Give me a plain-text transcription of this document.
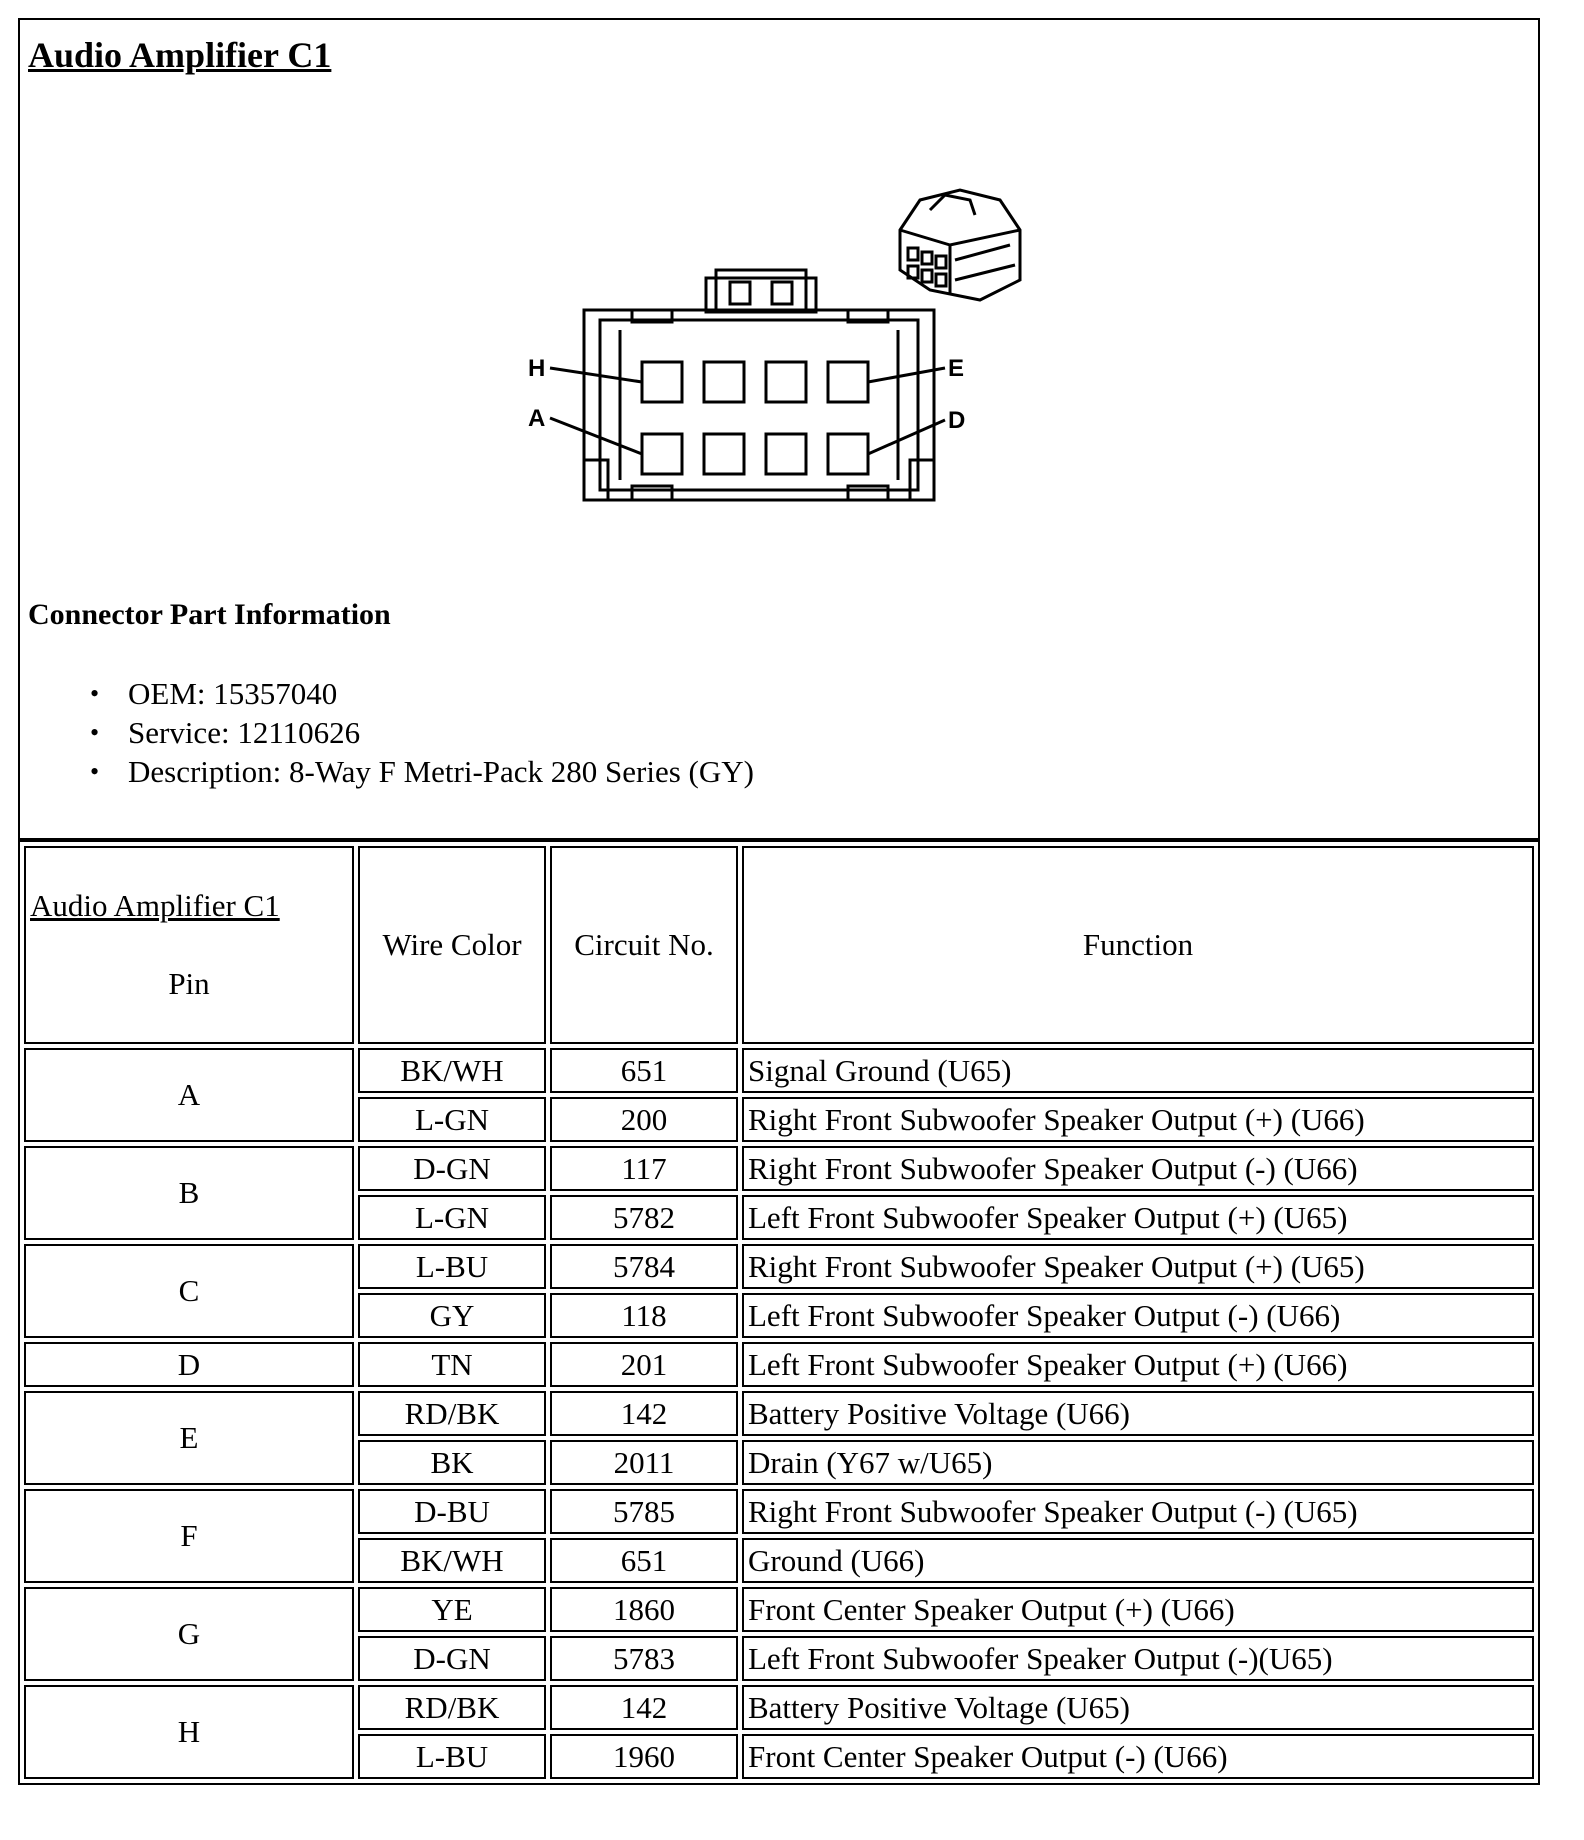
Audio Amplifier C1
H	E
A	D
Connector Part Information
• OEM: 15357040
• Service: 12110626
• Description: 8-Way F Metri-Pack 280 Series (GY)
Audio Amplifier C1
Pin	Wire Color	Circuit No.	Function
A	BK/WH	651	Signal Ground (U65)
	L-GN	200	Right Front Subwoofer Speaker Output (+) (U66)
B	D-GN	117	Right Front Subwoofer Speaker Output (-) (U66)
	L-GN	5782	Left Front Subwoofer Speaker Output (+) (U65)
C	L-BU	5784	Right Front Subwoofer Speaker Output (+) (U65)
	GY	118	Left Front Subwoofer Speaker Output (-) (U66)
D	TN	201	Left Front Subwoofer Speaker Output (+) (U66)
E	RD/BK	142	Battery Positive Voltage (U66)
	BK	2011	Drain (Y67 w/U65)
F	D-BU	5785	Right Front Subwoofer Speaker Output (-) (U65)
	BK/WH	651	Ground (U66)
G	YE	1860	Front Center Speaker Output (+) (U66)
	D-GN	5783	Left Front Subwoofer Speaker Output (-)(U65)
H	RD/BK	142	Battery Positive Voltage (U65)
	L-BU	1960	Front Center Speaker Output (-) (U66)
